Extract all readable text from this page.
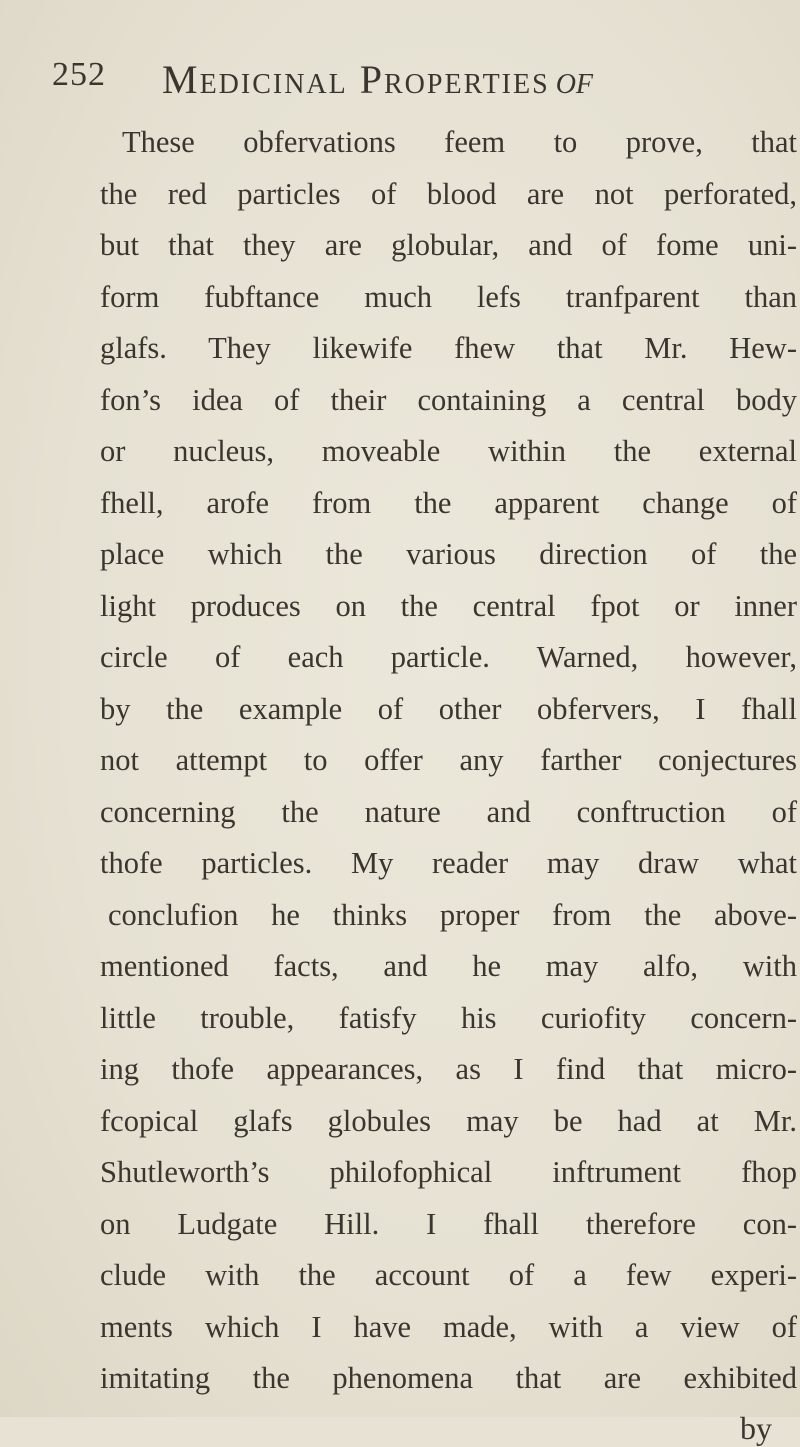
252 Medicinal Properties of
These obfervations feem to prove, that
the red particles of blood are not perforated,
but that they are globular, and of fome uni-
form fubftance much lefs tranfparent than
glafs. They likewife fhew that Mr. Hew-
fon’s idea of their containing a central body
or nucleus, moveable within the external
fhell, arofe from the apparent change of
place which the various direction of the
light produces on the central fpot or inner
circle of each particle. Warned, however,
by the example of other obfervers, I fhall
not attempt to offer any farther conjectures
concerning the nature and conftruction of
thofe particles. My reader may draw what
conclufion he thinks proper from the above-
mentioned facts, and he may alfo, with
little trouble, fatisfy his curiofity concern-
ing thofe appearances, as I find that micro-
fcopical glafs globules may be had at Mr.
Shutleworth’s philofophical inftrument fhop
on Ludgate Hill. I fhall therefore con-
clude with the account of a few experi-
ments which I have made, with a view of
imitating the phenomena that are exhibited
by
